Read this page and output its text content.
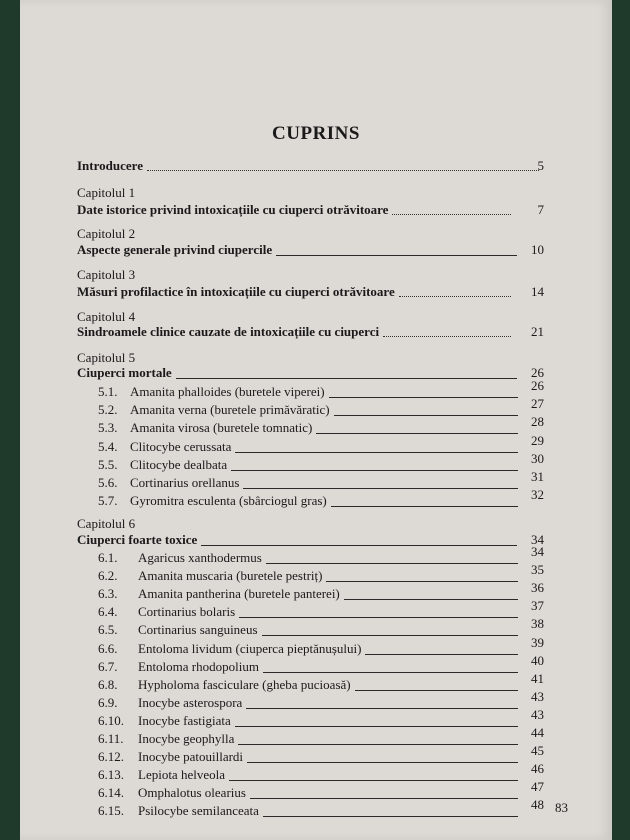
CUPRINS
Introducere	5
Capitolul 1
Date istorice privind intoxicațiile cu ciuperci otrăvitoare	7
Capitolul 2
Aspecte generale privind ciupercile	10
Capitolul 3
Măsuri profilactice în intoxicațiile cu ciuperci otrăvitoare	14
Capitolul 4
Sindroamele clinice cauzate de intoxicațiile cu ciuperci	21
Capitolul 5
Ciuperci mortale	26
5.1. Amanita phalloides (buretele viperei)	26
5.2. Amanita verna (buretele primăvăratic)	27
5.3. Amanita virosa (buretele tomnatic)	28
5.4. Clitocybe cerussata	29
5.5. Clitocybe dealbata	30
5.6. Cortinarius orellanus	31
5.7. Gyromitra esculenta (sbârciogul gras)	32
Capitolul 6
Ciuperci foarte toxice	34
6.1.	Agaricus xanthodermus	34
6.2.	Amanita muscaria (buretele pestriț)	35
6.3.	Amanita pantherina (buretele panterei)	36
6.4.	Cortinarius bolaris	37
6.5.	Cortinarius sanguineus	38
6.6.	Entoloma lividum (ciuperca pieptănușului)	39
6.7.	Entoloma rhodopolium	40
6.8.	Hypholoma fasciculare (gheba pucioasă)	41
6.9.	Inocybe asterospora	43
6.10.	Inocybe fastigiata	43
6.11.	Inocybe geophylla	44
6.12.	Inocybe patouillardi	45
6.13.	Lepiota helveola	46
6.14.	Omphalotus olearius	47
6.15.	Psilocybe semilanceata	48 83
